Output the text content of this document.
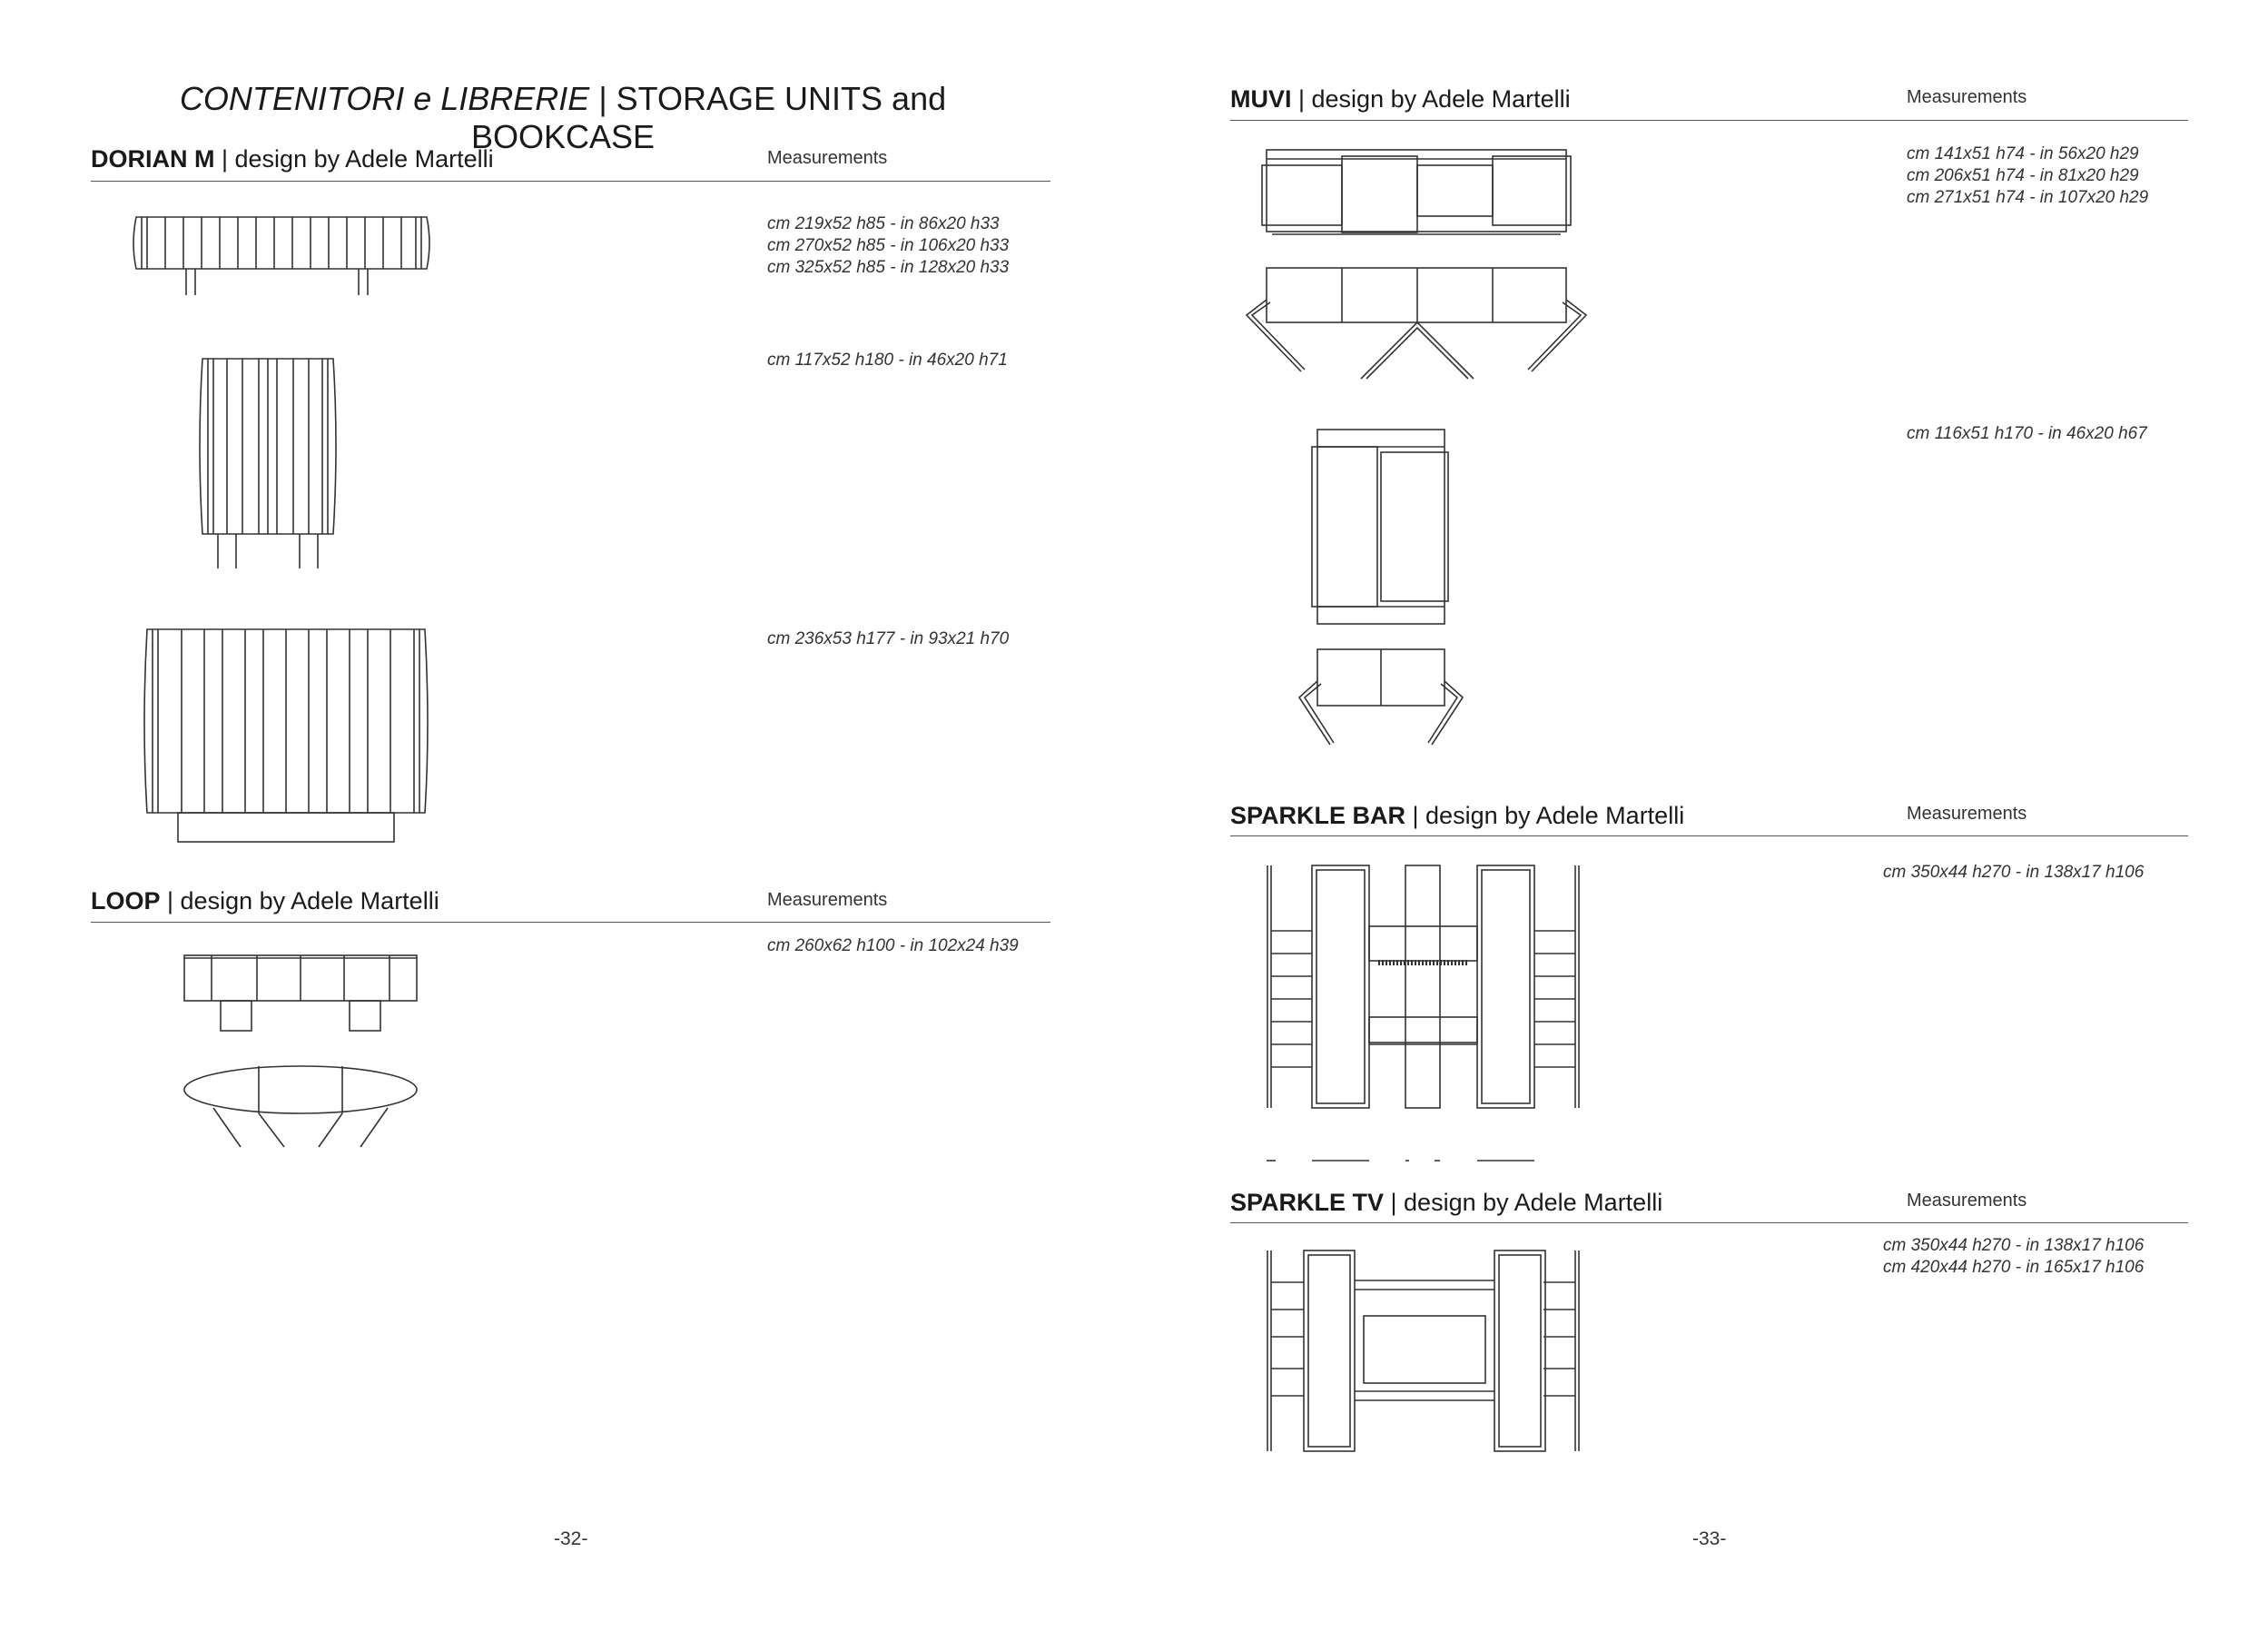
CONTENITORI e LIBRERIE | STORAGE UNITS and BOOKCASE
DORIAN M | design by Adele Martelli	Measurements
cm 219x52 h85 - in 86x20 h33
cm 270x52 h85 - in 106x20 h33
cm 325x52 h85 - in 128x20 h33
cm 117x52 h180 - in 46x20 h71
cm 236x53 h177 - in 93x21 h70
LOOP | design by Adele Martelli	Measurements
cm 260x62 h100 - in 102x24 h39
-32-
MUVI | design by Adele Martelli	Measurements
cm 141x51 h74 - in 56x20 h29
cm 206x51 h74 - in 81x20 h29
cm 271x51 h74 - in 107x20 h29
cm 116x51 h170 - in 46x20 h67
SPARKLE BAR | design by Adele Martelli	Measurements
cm 350x44 h270 - in 138x17 h106
SPARKLE TV | design by Adele Martelli	Measurements
cm 350x44 h270 - in 138x17 h106
cm 420x44 h270 - in 165x17 h106
-33-
